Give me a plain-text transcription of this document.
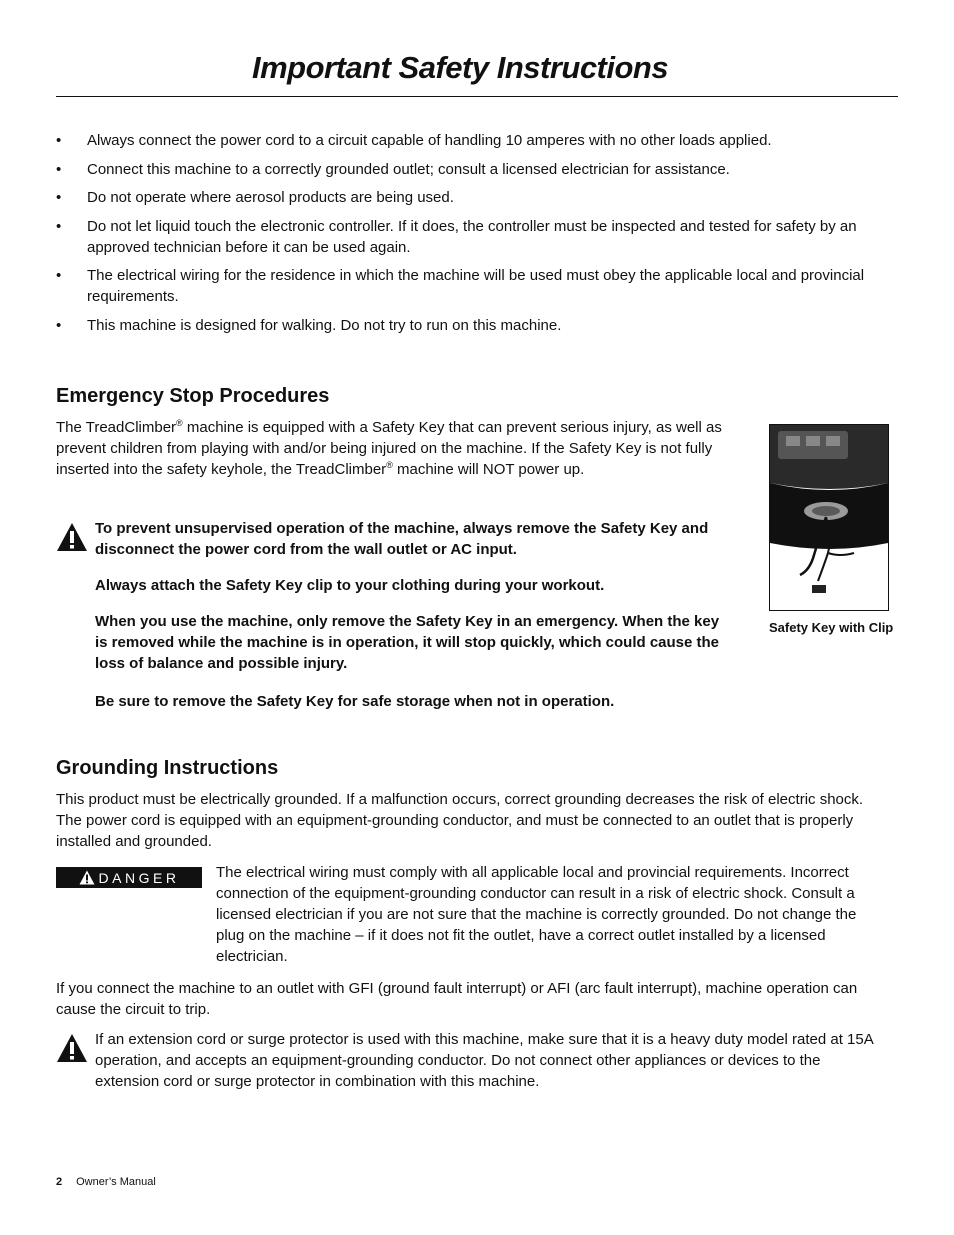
Important Safety Instructions
• Always connect the power cord to a circuit capable of handling 10 amperes with no other loads applied.
• Connect this machine to a correctly grounded outlet; consult a licensed electrician for assistance.
• Do not operate where aerosol products are being used.
• Do not let liquid touch the electronic controller. If it does, the controller must be inspected and tested for safety by an approved technician before it can be used again.
• The electrical wiring for the residence in which the machine will be used must obey the applicable local and provincial requirements.
• This machine is designed for walking. Do not try to run on this machine.
Emergency Stop Procedures

The TreadClimber® machine is equipped with a Safety Key that can prevent serious injury, as well as prevent children from playing with and/or being injured on the machine. If the Safety Key is not fully inserted into the safety keyhole, the TreadClimber® machine will NOT power up.

To prevent unsupervised operation of the machine, always remove the Safety Key and disconnect the power cord from the wall outlet or AC input.

Always attach the Safety Key clip to your clothing during your workout.

When you use the machine, only remove the Safety Key in an emergency. When the key is removed while the machine is in operation, it will stop quickly, which could cause the loss of balance and possible injury.

Be sure to remove the Safety Key for safe storage when not in operation.

Safety Key with Clip

Grounding Instructions

This product must be electrically grounded. If a malfunction occurs, correct grounding decreases the risk of electric shock. The power cord is equipped with an equipment-grounding conductor, and must be connected to an outlet that is properly installed and grounded.

DANGER The electrical wiring must comply with all applicable local and provincial requirements. Incorrect connection of the equipment-grounding conductor can result in a risk of electric shock. Consult a licensed electrician if you are not sure that the machine is correctly grounded. Do not change the plug on the machine – if it does not fit the outlet, have a correct outlet installed by a licensed electrician.

If you connect the machine to an outlet with GFI (ground fault interrupt) or AFI (arc fault interrupt), machine operation can cause the circuit to trip.

If an extension cord or surge protector is used with this machine, make sure that it is a heavy duty model rated at 15A operation, and accepts an equipment-grounding conductor. Do not connect other appliances or devices to the extension cord or surge protector in combination with this machine.

2 Owner’s Manual
